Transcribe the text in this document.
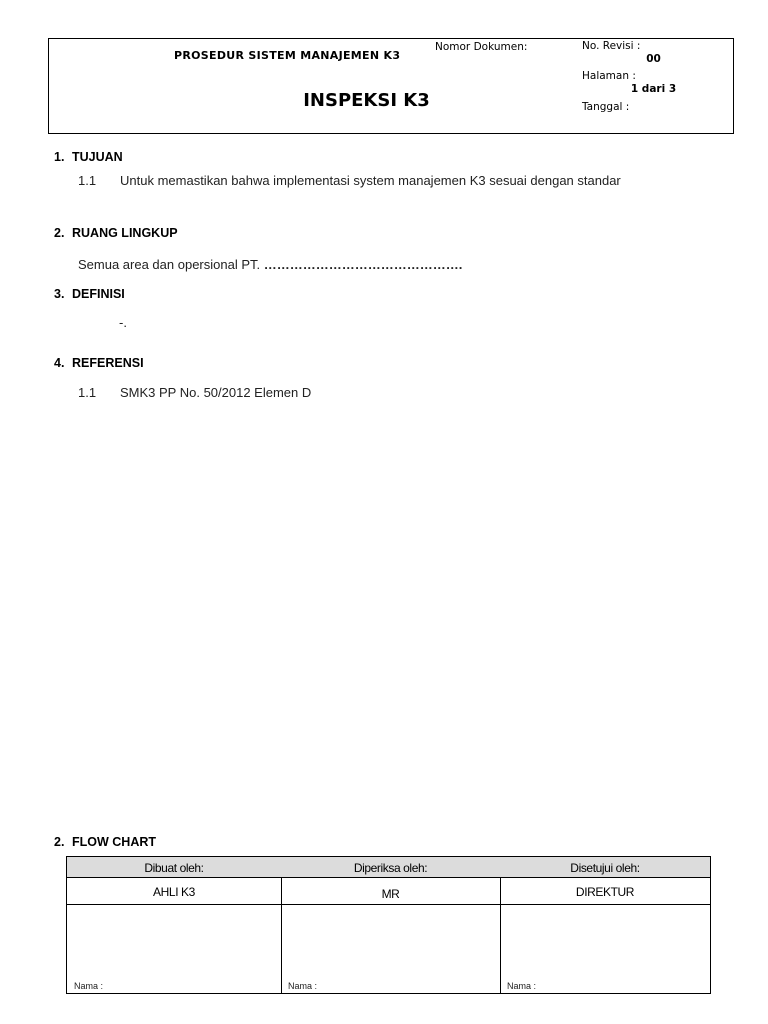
PROSEDUR SISTEM MANAJEMEN K3
Nomor Dokumen:
INSPEKSI K3
No. Revisi :
00
Halaman :
1 dari 3
Tanggal :
1. TUJUAN
1.1 Untuk memastikan bahwa implementasi system manajemen K3 sesuai dengan standar
2. RUANG LINGKUP
Semua area dan opersional PT. ……………………………………….
3. DEFINISI
-.
4. REFERENSI
1.1 SMK3 PP No. 50/2012 Elemen D
2. FLOW CHART
Dibuat oleh:	Diperiksa oleh:	Disetujui oleh:
AHLI K3	MR	DIREKTUR
Nama :	Nama :	Nama :
